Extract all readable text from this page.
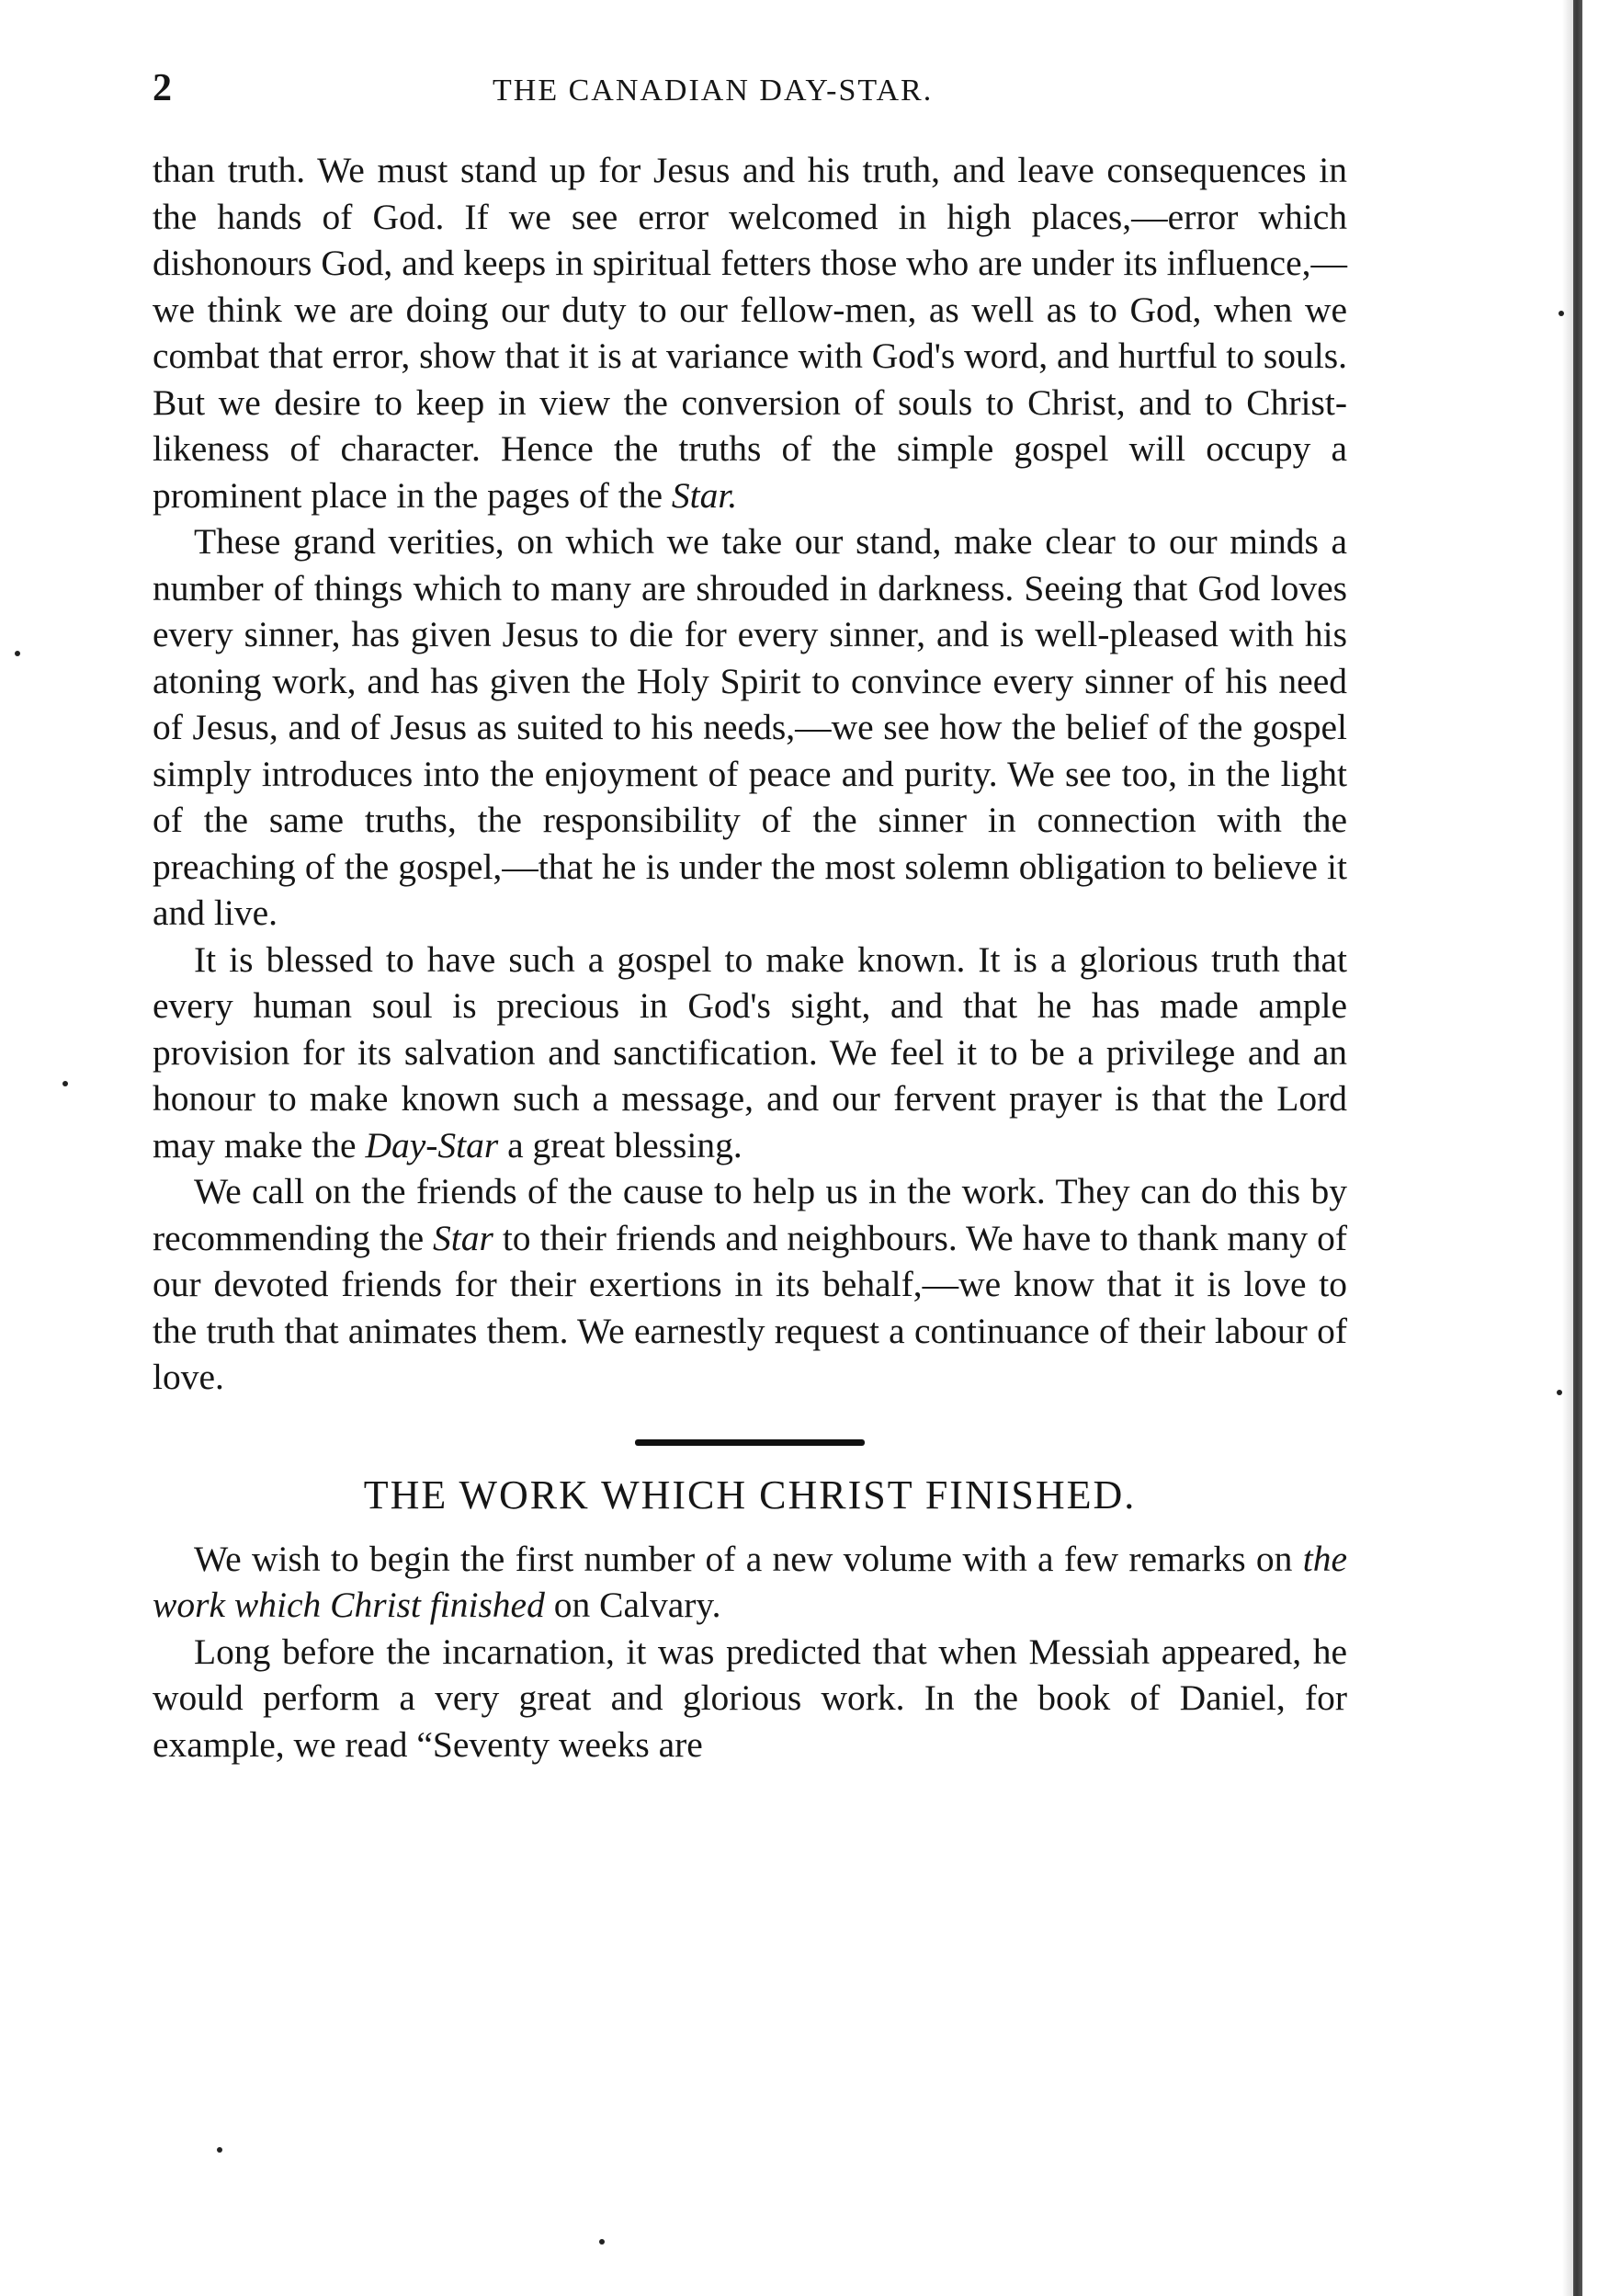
2	THE CANADIAN DAY-STAR.

than truth. We must stand up for Jesus and his truth, and leave consequences in the hands of God. If we see error welcomed in high places,—error which dishonours God, and keeps in spiritual fetters those who are under its influence,—we think we are doing our duty to our fellow-men, as well as to God, when we combat that error, show that it is at variance with God's word, and hurtful to souls. But we desire to keep in view the conversion of souls to Christ, and to Christ-likeness of character. Hence the truths of the simple gospel will occupy a prominent place in the pages of the Star.

These grand verities, on which we take our stand, make clear to our minds a number of things which to many are shrouded in darkness. Seeing that God loves every sinner, has given Jesus to die for every sinner, and is well-pleased with his atoning work, and has given the Holy Spirit to convince every sinner of his need of Jesus, and of Jesus as suited to his needs,—we see how the belief of the gospel simply introduces into the enjoyment of peace and purity. We see too, in the light of the same truths, the responsibility of the sinner in connection with the preaching of the gospel,—that he is under the most solemn obligation to believe it and live.

It is blessed to have such a gospel to make known. It is a glorious truth that every human soul is precious in God's sight, and that he has made ample provision for its salvation and sanctification. We feel it to be a privilege and an honour to make known such a message, and our fervent prayer is that the Lord may make the Day-Star a great blessing.

We call on the friends of the cause to help us in the work. They can do this by recommending the Star to their friends and neighbours. We have to thank many of our devoted friends for their exertions in its behalf,—we know that it is love to the truth that animates them. We earnestly request a continuance of their labour of love.

THE WORK WHICH CHRIST FINISHED.

We wish to begin the first number of a new volume with a few remarks on the work which Christ finished on Calvary.

Long before the incarnation, it was predicted that when Messiah appeared, he would perform a very great and glorious work. In the book of Daniel, for example, we read “Seventy weeks are
